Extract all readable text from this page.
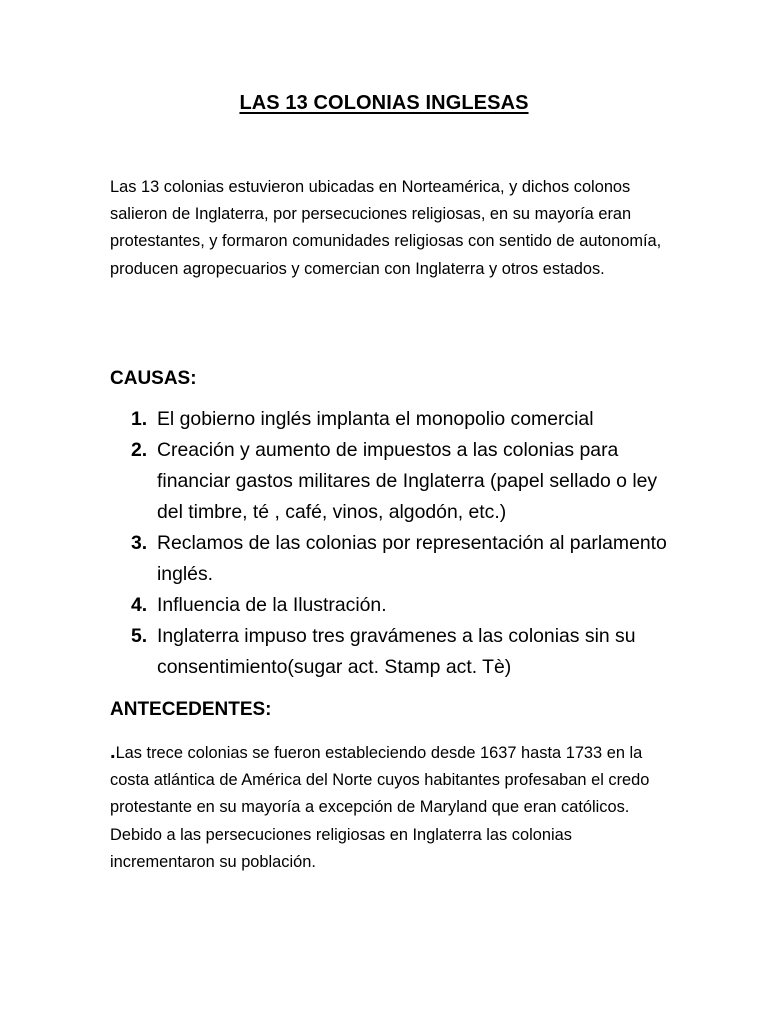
LAS 13 COLONIAS INGLESAS

Las 13 colonias estuvieron ubicadas en Norteamérica, y dichos colonos salieron de Inglaterra, por persecuciones religiosas, en su mayoría eran protestantes, y formaron comunidades religiosas con sentido de autonomía, producen agropecuarios y comercian con Inglaterra y otros estados.

CAUSAS:
1. El gobierno inglés implanta el monopolio comercial
2. Creación y aumento de impuestos a las colonias para financiar gastos militares de Inglaterra (papel sellado o ley del timbre, té , café, vinos, algodón, etc.)
3. Reclamos de las colonias por representación al parlamento inglés.
4. Influencia de la Ilustración.
5. Inglaterra impuso tres gravámenes a las colonias sin su consentimiento(sugar act. Stamp act. Tè)
ANTECEDENTES:

.Las trece colonias se fueron estableciendo desde 1637 hasta 1733 en la costa atlántica de América del Norte cuyos habitantes profesaban el credo protestante en su mayoría a excepción de Maryland que eran católicos. Debido a las persecuciones religiosas en Inglaterra las colonias incrementaron su población.
